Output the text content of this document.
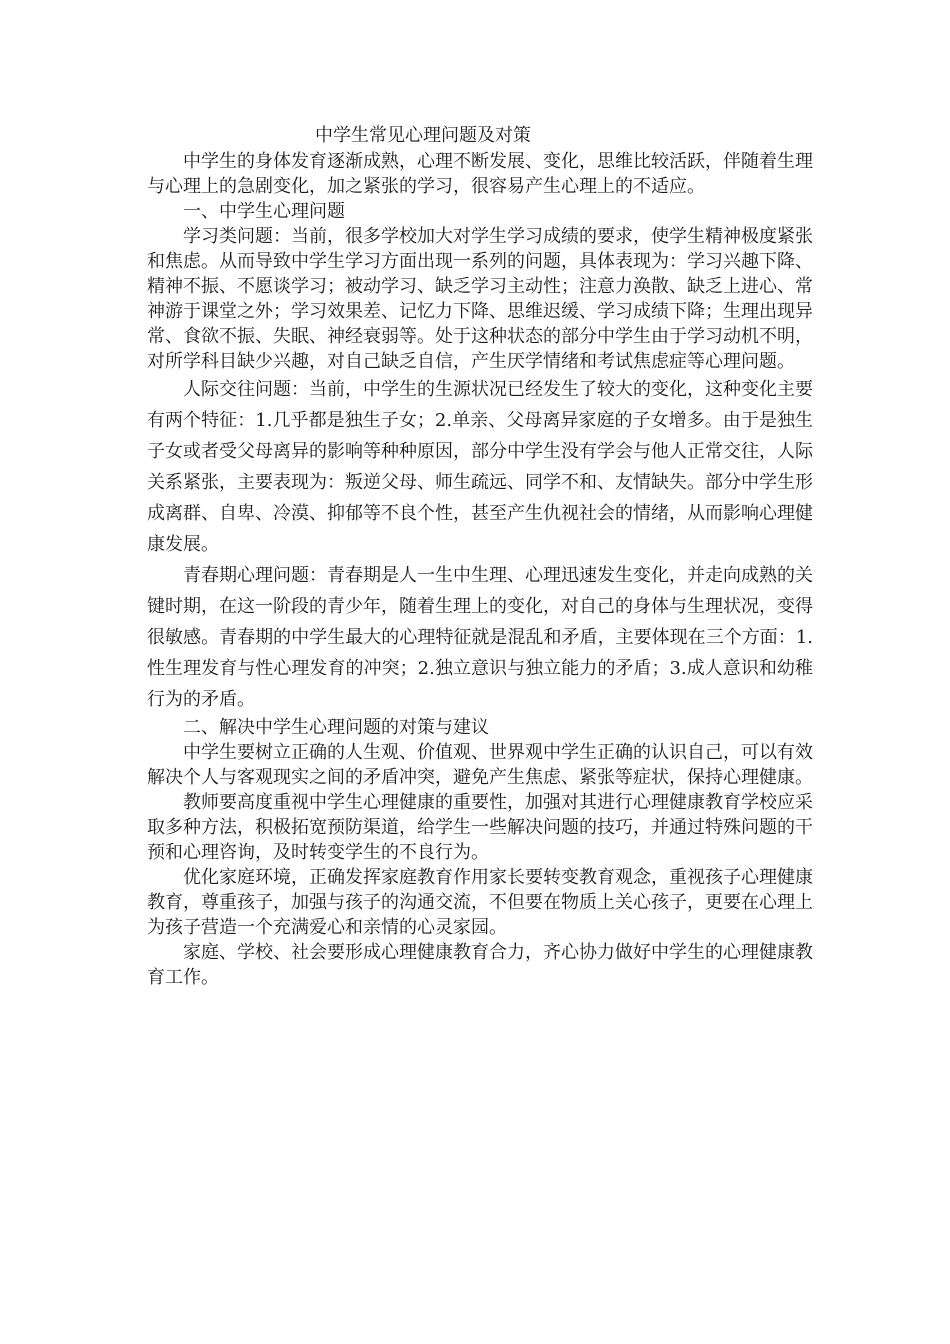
中学生常见心理问题及对策

中学生的身体发育逐渐成熟，心理不断发展、变化，思维比较活跃，伴随着生理与心理上的急剧变化，加之紧张的学习，很容易产生心理上的不适应。

一、中学生心理问题

学习类问题：当前，很多学校加大对学生学习成绩的要求，使学生精神极度紧张和焦虑。从而导致中学生学习方面出现一系列的问题，具体表现为：学习兴趣下降、精神不振、不愿谈学习；被动学习、缺乏学习主动性；注意力涣散、缺乏上进心、常神游于课堂之外；学习效果差、记忆力下降、思维迟缓、学习成绩下降；生理出现异常、食欲不振、失眠、神经衰弱等。处于这种状态的部分中学生由于学习动机不明，对所学科目缺少兴趣，对自己缺乏自信，产生厌学情绪和考试焦虑症等心理问题。

人际交往问题：当前，中学生的生源状况已经发生了较大的变化，这种变化主要有两个特征：1.几乎都是独生子女；2.单亲、父母离异家庭的子女增多。由于是独生子女或者受父母离异的影响等种种原因，部分中学生没有学会与他人正常交往，人际关系紧张，主要表现为：叛逆父母、师生疏远、同学不和、友情缺失。部分中学生形成离群、自卑、冷漠、抑郁等不良个性，甚至产生仇视社会的情绪，从而影响心理健康发展。

青春期心理问题：青春期是人一生中生理、心理迅速发生变化，并走向成熟的关键时期，在这一阶段的青少年，随着生理上的变化，对自己的身体与生理状况，变得很敏感。青春期的中学生最大的心理特征就是混乱和矛盾，主要体现在三个方面：1.性生理发育与性心理发育的冲突；2.独立意识与独立能力的矛盾；3.成人意识和幼稚行为的矛盾。

二、解决中学生心理问题的对策与建议

中学生要树立正确的人生观、价值观、世界观中学生正确的认识自己，可以有效解决个人与客观现实之间的矛盾冲突，避免产生焦虑、紧张等症状，保持心理健康。

教师要高度重视中学生心理健康的重要性，加强对其进行心理健康教育学校应采取多种方法，积极拓宽预防渠道，给学生一些解决问题的技巧，并通过特殊问题的干预和心理咨询，及时转变学生的不良行为。

优化家庭环境，正确发挥家庭教育作用家长要转变教育观念，重视孩子心理健康教育，尊重孩子，加强与孩子的沟通交流，不但要在物质上关心孩子，更要在心理上为孩子营造一个充满爱心和亲情的心灵家园。

家庭、学校、社会要形成心理健康教育合力，齐心协力做好中学生的心理健康教育工作。
